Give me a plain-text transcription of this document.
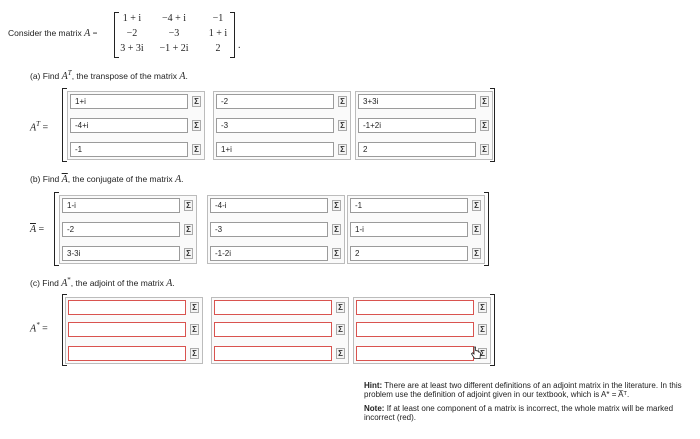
Consider the matrix A =
1 + i	−4 + i	−1
−2	−3	1 + i
3 + 3i	−1 + 2i	2	.
(a) Find $A^T$, the transpose of the matrix A.
$A^T$ =
1+i	Σ	-2	Σ	3+3i	Σ
-4+i	Σ	-3	Σ	-1+2i	Σ
-1	Σ	1+i	Σ	2	Σ
(b) Find $\overline{A}$, the conjugate of the matrix A.
$\overline{A}$ =
1-i	Σ	-4-i	Σ	-1	Σ
-2	Σ	-3	Σ	1-i	Σ
3-3i	Σ	-1-2i	Σ	2	Σ
(c) Find A*, the adjoint of the matrix A.
A* =
Σ	Σ	Σ
Σ	Σ	Σ
Σ	Σ	Σ
Hint: There are at least two different definitions of an adjoint matrix in the literature. In this problem use the definition of adjoint given in our textbook, which is A* = A̅ᵀ.
Note: If at least one component of a matrix is incorrect, the whole matrix will be marked incorrect (red).
